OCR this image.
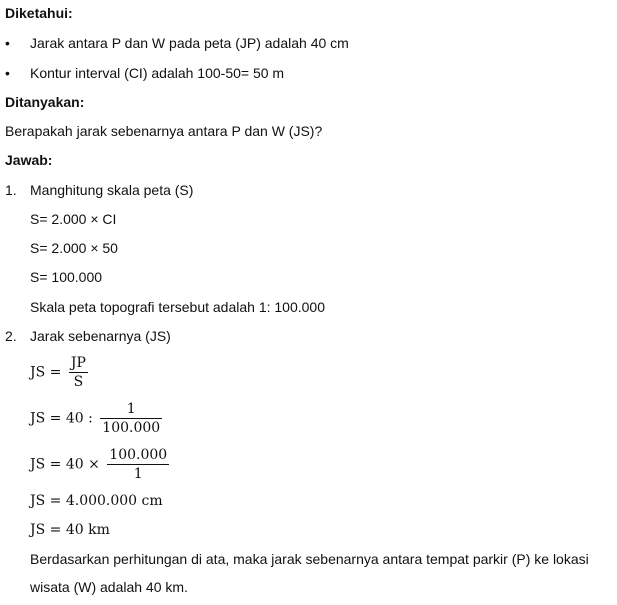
Diketahui:
• Jarak antara P dan W pada peta (JP) adalah 40 cm
• Kontur interval (CI) adalah 100-50= 50 m
Ditanyakan:
Berapakah jarak sebenarnya antara P dan W (JS)?
Jawab:
1. Manghitung skala peta (S)
S= 2.000 × CI
S= 2.000 × 50
S= 100.000
Skala peta topografi tersebut adalah 1: 100.000
2. Jarak sebenarnya (JS)
JS = $\frac{JP}{S}$
JS = 40 : $\frac{1}{100.000}$
JS = $40 \times \frac{100.000}{1}$
JS = 4.000.000 cm
JS = 40 km
Berdasarkan perhitungan di ata, maka jarak sebenarnya antara tempat parkir (P) ke lokasi wisata (W) adalah 40 km.
